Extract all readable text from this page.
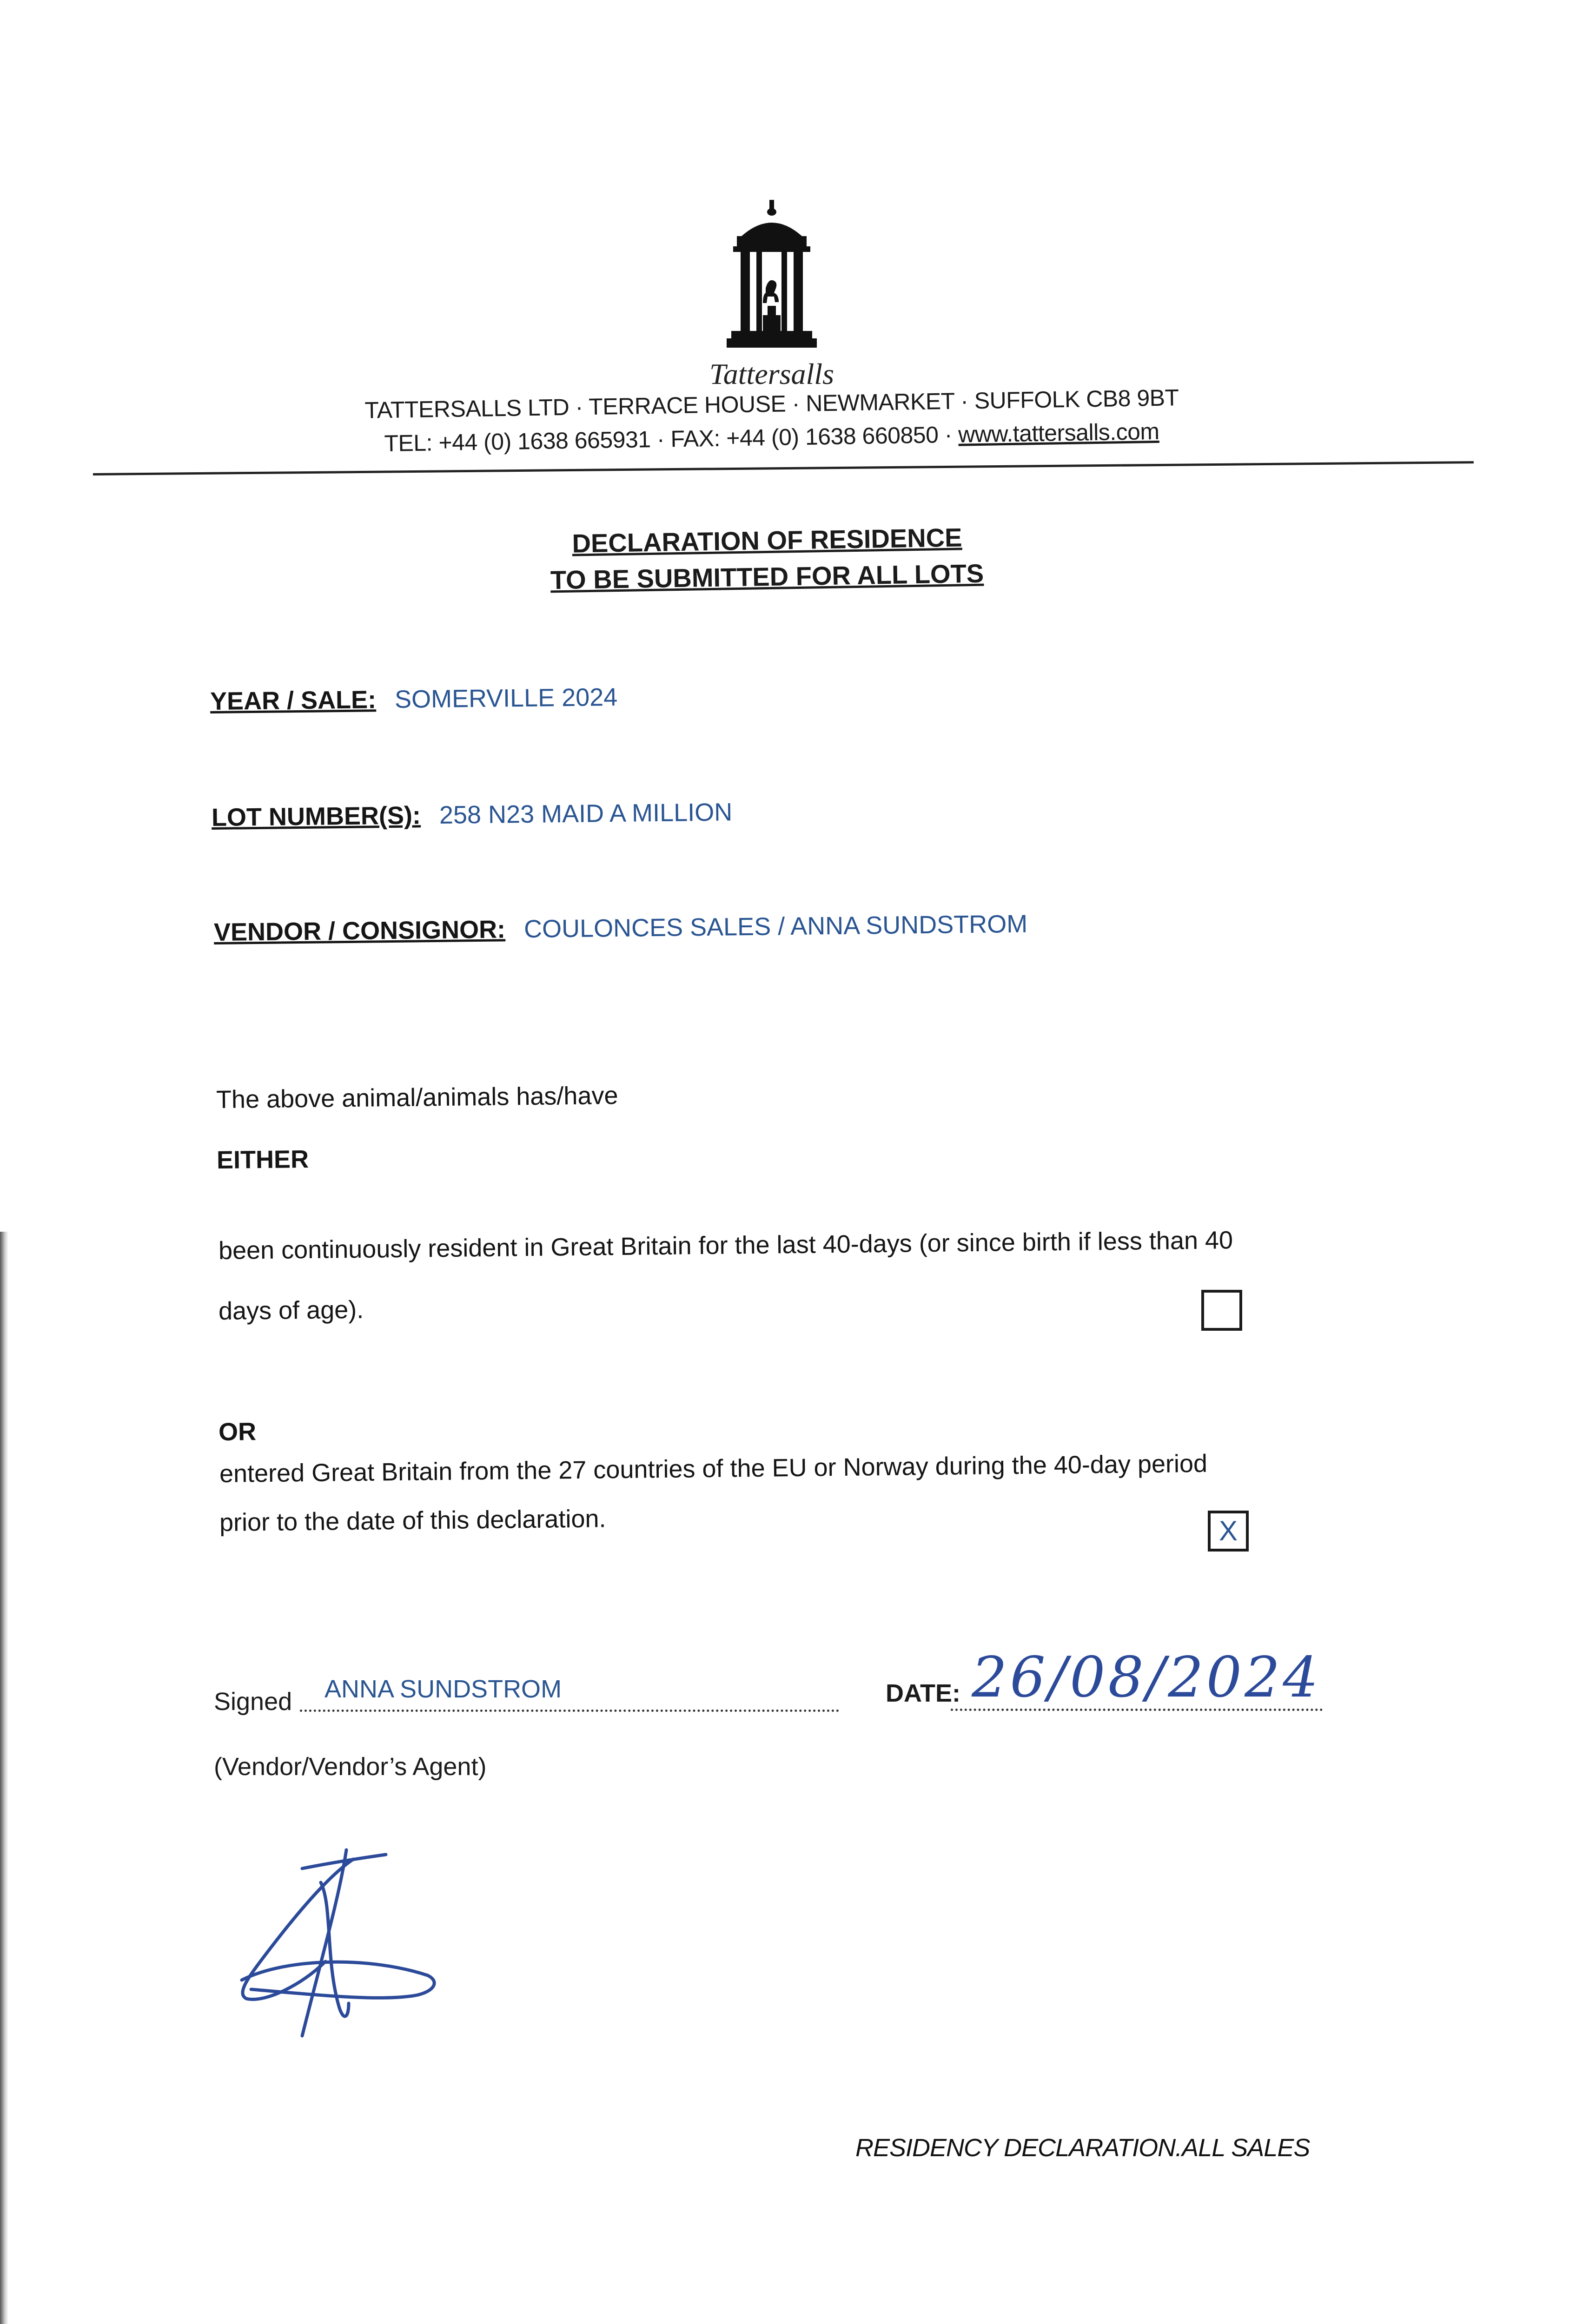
Tattersalls
TATTERSALLS LTD · TERRACE HOUSE · NEWMARKET · SUFFOLK CB8 9BT
TEL: +44 (0) 1638 665931 · FAX: +44 (0) 1638 660850 · www.tattersalls.com
DECLARATION OF RESIDENCE
TO BE SUBMITTED FOR ALL LOTS
YEAR / SALE: SOMERVILLE 2024
LOT NUMBER(S): 258 N23 MAID A MILLION
VENDOR / CONSIGNOR: COULONCES SALES / ANNA SUNDSTROM
The above animal/animals has/have
EITHER
been continuously resident in Great Britain for the last 40-days (or since birth if less than 40
days of age).
OR
entered Great Britain from the 27 countries of the EU or Norway during the 40-day period
prior to the date of this declaration.	X
Signed ANNA SUNDSTROM	DATE: 26/08/2024
(Vendor/Vendor’s Agent)
RESIDENCY DECLARATION.ALL SALES
